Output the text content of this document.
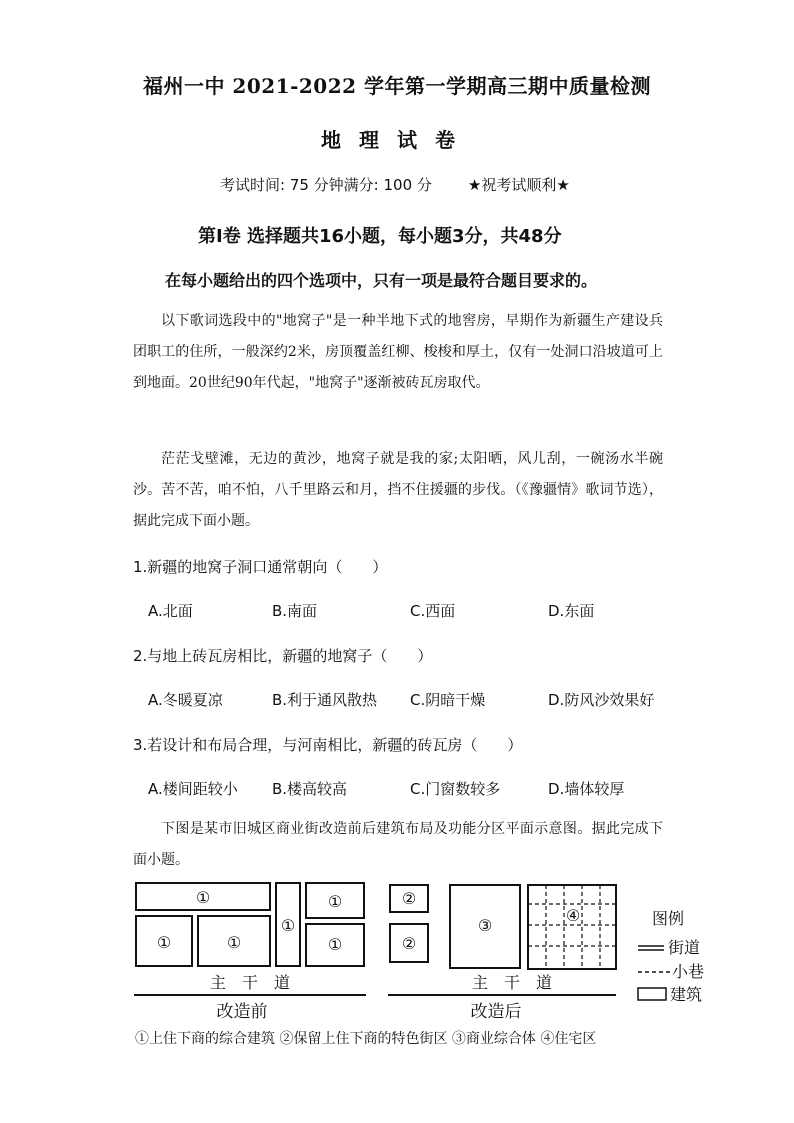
福州一中 2021-2022 学年第一学期高三期中质量检测
地理试卷
考试时间: 75 分钟满分: 100 分 ★祝考试顺利★
第Ⅰ卷 选择题共16小题，每小题3分，共48分
在每小题给出的四个选项中，只有一项是最符合题目要求的。
以下歌词选段中的"地窝子"是一种半地下式的地窖房，早期作为新疆生产建设兵团职工的住所，一般深约2米，房顶覆盖红柳、梭梭和厚土，仅有一处洞口沿坡道可上到地面。20世纪90年代起，"地窝子"逐渐被砖瓦房取代。
茫茫戈壁滩，无边的黄沙，地窝子就是我的家;太阳晒，风儿刮，一碗汤水半碗沙。苦不苦，咱不怕，八千里路云和月，挡不住援疆的步伐。（《豫疆情》歌词节选），据此完成下面小题。
1.新疆的地窝子洞口通常朝向（　　）
A.北面	B.南面	C.西面	D.东面
2.与地上砖瓦房相比，新疆的地窝子（　　）
A.冬暖夏凉	B.利于通风散热 C.阴暗干燥	D.防风沙效果好
3.若设计和布局合理，与河南相比，新疆的砖瓦房（　　）
A.楼间距较小 B.楼高较高	C.门窗数较多	D.墙体较厚
下图是某市旧城区商业街改造前后建筑布局及功能分区平面示意图。据此完成下面小题。
①
①	①
①
①
①
主　干　道
改造前
②
②
③
④
主　干　道
改造后
图例
街道
小巷
建筑
①上住下商的综合建筑 ②保留上住下商的特色街区 ③商业综合体 ④住宅区
